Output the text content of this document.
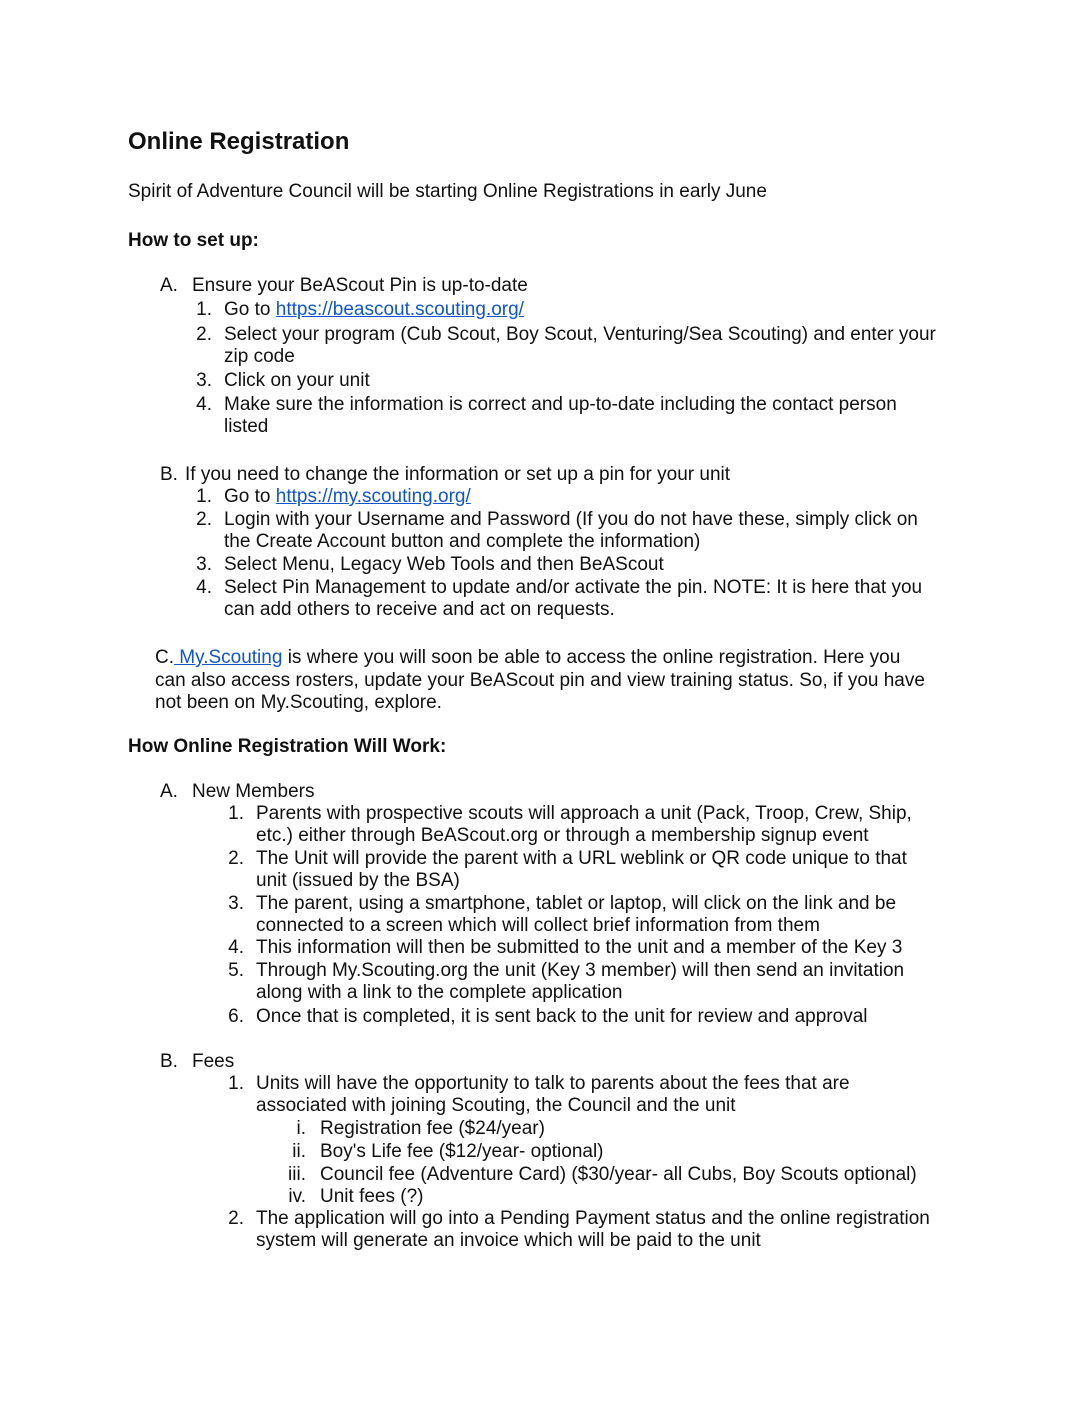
Online Registration
Spirit of Adventure Council will be starting Online Registrations in early June
How to set up:
A. Ensure your BeAScout Pin is up-to-date
1. Go to https://beascout.scouting.org/
2. Select your program (Cub Scout, Boy Scout, Venturing/Sea Scouting) and enter your
zip code
3. Click on your unit
4. Make sure the information is correct and up-to-date including the contact person
listed
B. If you need to change the information or set up a pin for your unit
1. Go to https://my.scouting.org/
2. Login with your Username and Password (If you do not have these, simply click on
the Create Account button and complete the information)
3. Select Menu, Legacy Web Tools and then BeAScout
4. Select Pin Management to update and/or activate the pin. NOTE: It is here that you
can add others to receive and act on requests.
C. My.Scouting is where you will soon be able to access the online registration. Here you
can also access rosters, update your BeAScout pin and view training status. So, if you have
not been on My.Scouting, explore.
How Online Registration Will Work:
A. New Members
1. Parents with prospective scouts will approach a unit (Pack, Troop, Crew, Ship,
etc.) either through BeAScout.org or through a membership signup event
2. The Unit will provide the parent with a URL weblink or QR code unique to that
unit (issued by the BSA)
3. The parent, using a smartphone, tablet or laptop, will click on the link and be
connected to a screen which will collect brief information from them
4. This information will then be submitted to the unit and a member of the Key 3
5. Through My.Scouting.org the unit (Key 3 member) will then send an invitation
along with a link to the complete application
6. Once that is completed, it is sent back to the unit for review and approval
B. Fees
1. Units will have the opportunity to talk to parents about the fees that are
associated with joining Scouting, the Council and the unit
i. Registration fee ($24/year)
ii. Boy's Life fee ($12/year- optional)
iii. Council fee (Adventure Card) ($30/year- all Cubs, Boy Scouts optional)
iv. Unit fees (?)
2. The application will go into a Pending Payment status and the online registration
system will generate an invoice which will be paid to the unit
